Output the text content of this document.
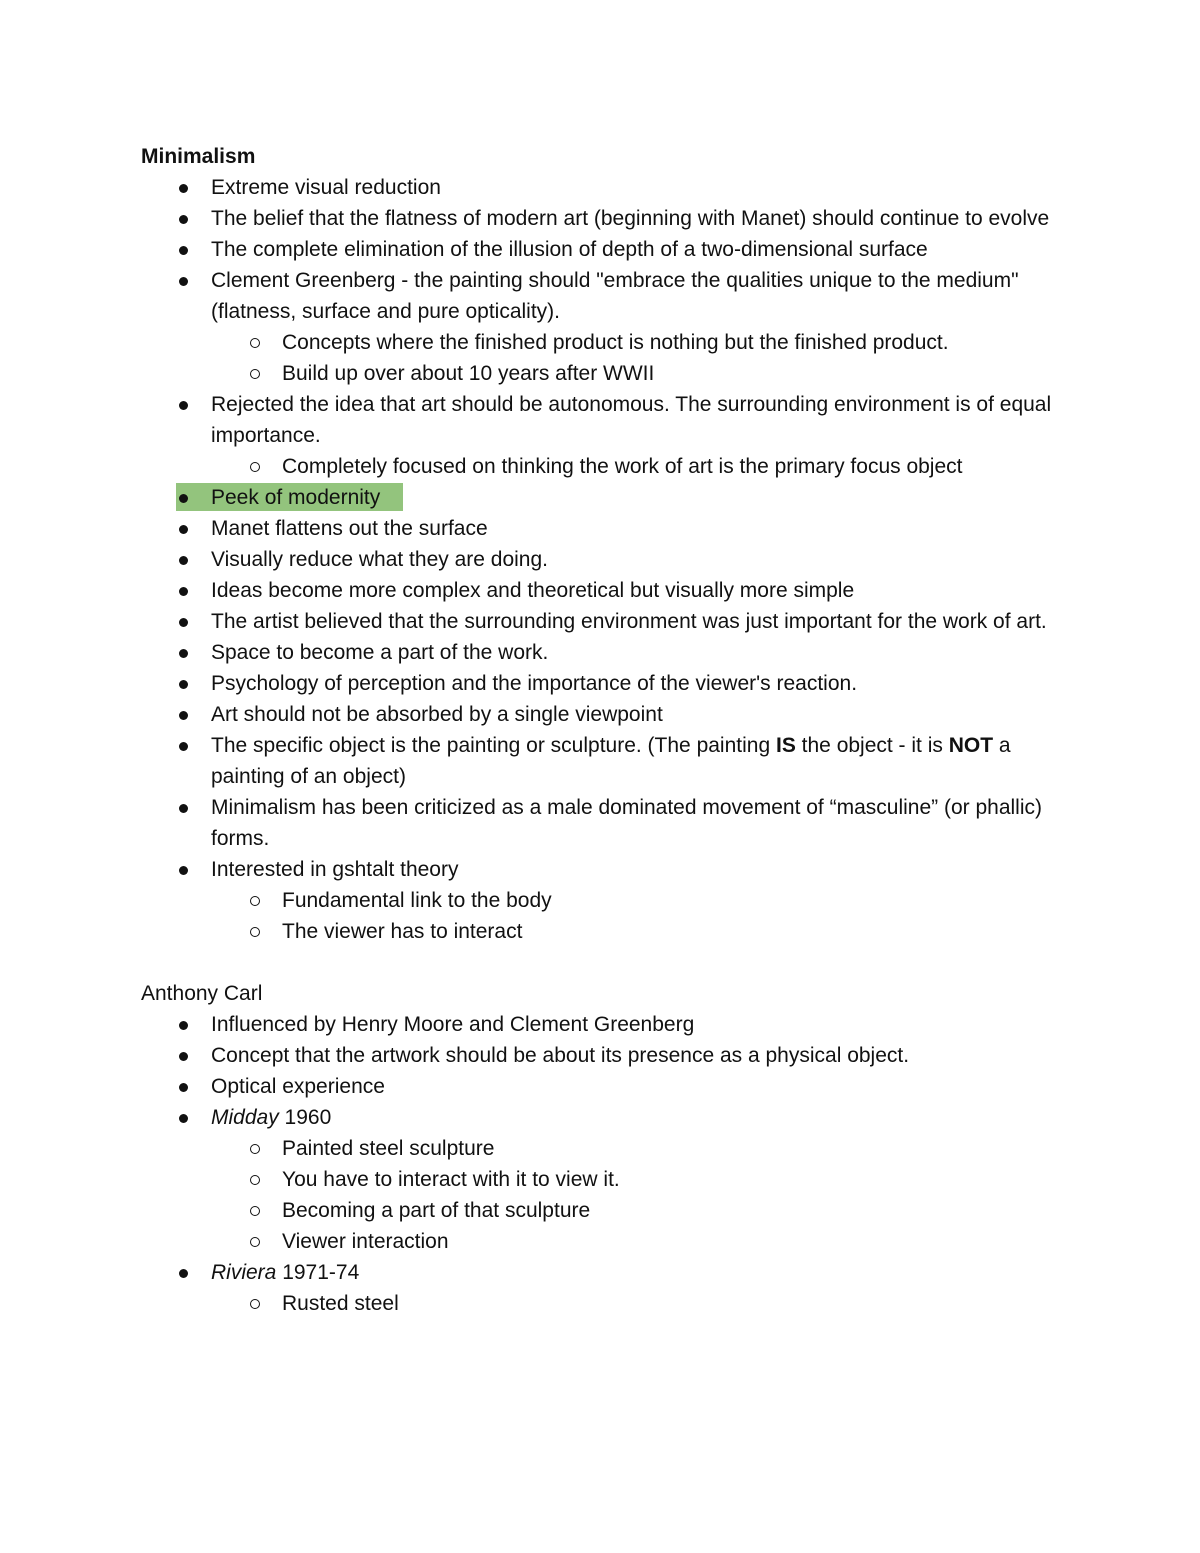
Minimalism
Extreme visual reduction
The belief that the flatness of modern art (beginning with Manet) should continue to evolve
The complete elimination of the illusion of depth of a two-dimensional surface
Clement Greenberg - the painting should "embrace the qualities unique to the medium" (flatness, surface and pure opticality).
Concepts where the finished product is nothing but the finished product.
Build up over about 10 years after WWII
Rejected the idea that art should be autonomous. The surrounding environment is of equal importance.
Completely focused on thinking the work of art is the primary focus object
Peek of modernity
Manet flattens out the surface
Visually reduce what they are doing.
Ideas become more complex and theoretical but visually more simple
The artist believed that the surrounding environment was just important for the work of art.
Space to become a part of the work.
Psychology of perception and the importance of the viewer's reaction.
Art should not be absorbed by a single viewpoint
The specific object is the painting or sculpture. (The painting IS the object - it is NOT a painting of an object)
Minimalism has been criticized as a male dominated movement of “masculine” (or phallic) forms.
Interested in gshtalt theory
Fundamental link to the body
The viewer has to interact
Anthony Carl
Influenced by Henry Moore and Clement Greenberg
Concept that the artwork should be about its presence as a physical object.
Optical experience
Midday 1960
Painted steel sculpture
You have to interact with it to view it.
Becoming a part of that sculpture
Viewer interaction
Riviera 1971-74
Rusted steel
